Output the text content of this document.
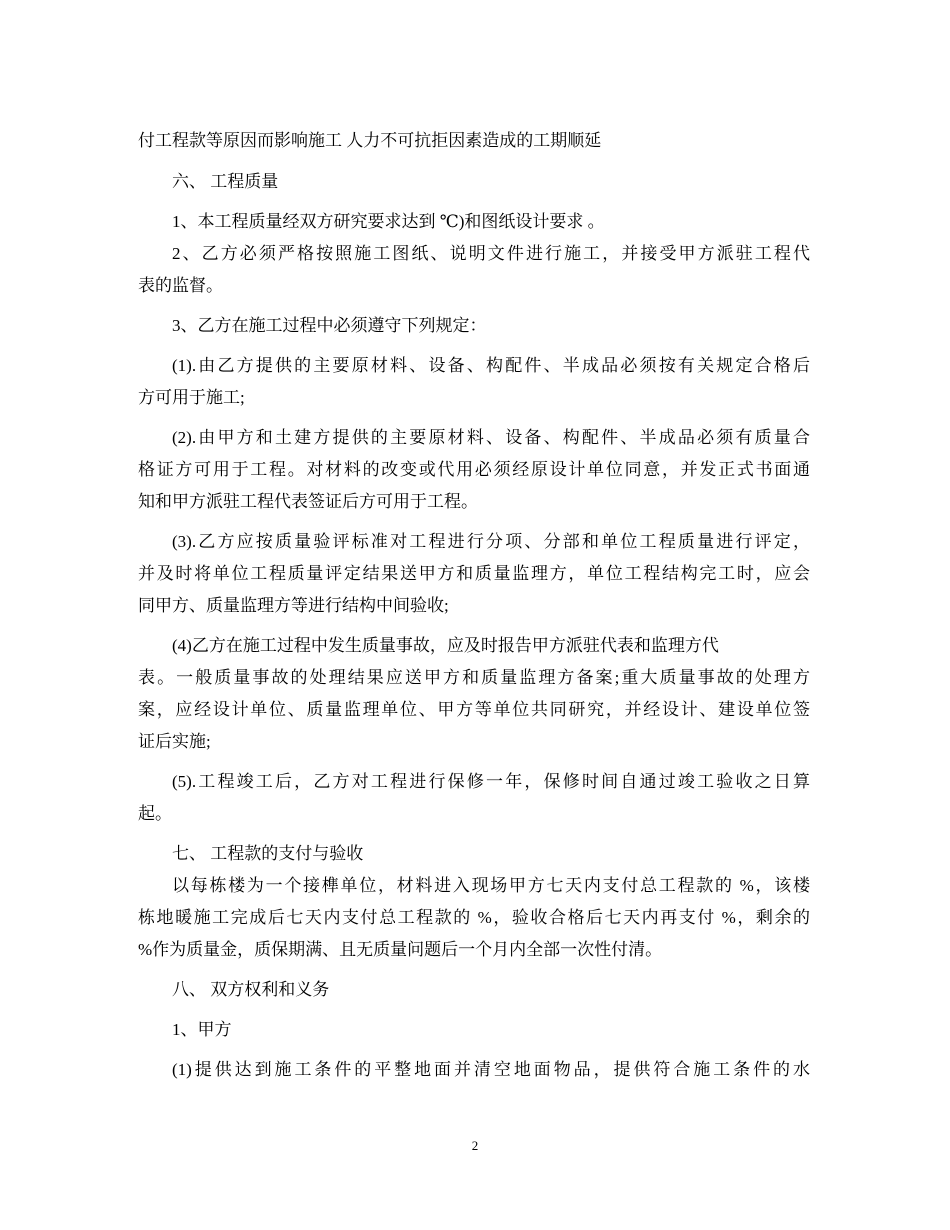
付工程款等原因而影响施工 人力不可抗拒因素造成的工期顺延
六、 工程质量
1、本工程质量经双方研究要求达到 ℃)和图纸设计要求 。
2、乙方必须严格按照施工图纸、说明文件进行施工，并接受甲方派驻工程代
表的监督。
3、乙方在施工过程中必须遵守下列规定：
(1).由乙方提供的主要原材料、设备、构配件、半成品必须按有关规定合格后
方可用于施工;
(2).由甲方和土建方提供的主要原材料、设备、构配件、半成品必须有质量合
格证方可用于工程。对材料的改变或代用必须经原设计单位同意，并发正式书面通
知和甲方派驻工程代表签证后方可用于工程。
(3).乙方应按质量验评标准对工程进行分项、分部和单位工程质量进行评定，
并及时将单位工程质量评定结果送甲方和质量监理方，单位工程结构完工时，应会
同甲方、质量监理方等进行结构中间验收;
(4)乙方在施工过程中发生质量事故，应及时报告甲方派驻代表和监理方代
表。一般质量事故的处理结果应送甲方和质量监理方备案;重大质量事故的处理方
案，应经设计单位、质量监理单位、甲方等单位共同研究，并经设计、建设单位签
证后实施;
(5).工程竣工后，乙方对工程进行保修一年，保修时间自通过竣工验收之日算
起。
七、 工程款的支付与验收
以每栋楼为一个接榫单位，材料进入现场甲方七天内支付总工程款的 %，该楼
栋地暖施工完成后七天内支付总工程款的 %，验收合格后七天内再支付 %，剩余的
%作为质量金，质保期满、且无质量问题后一个月内全部一次性付清。
八、 双方权利和义务
1、甲方
(1)提供达到施工条件的平整地面并清空地面物品，提供符合施工条件的水
2
